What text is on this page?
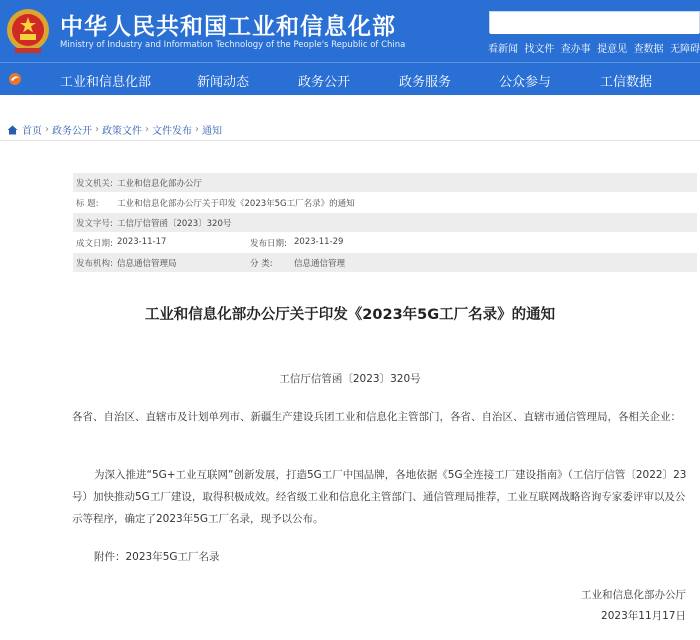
中华人民共和国工业和信息化部
Ministry of Industry and Information Technology of the People's Republic of China	看新闻 找文件 查办事 提意见 查数据 无障碍
工业和信息化部	新闻动态	政务公开	政务服务	公众参与	工信数据
首页 › 政务公开 › 政策文件 › 文件发布 › 通知
发文机关: 工业和信息化部办公厅
标 题: 工业和信息化部办公厅关于印发《2023年5G工厂名录》的通知
发文字号: 工信厅信管函〔2023〕320号
成文日期: 2023-11-17	发布日期: 2023-11-29
发布机构: 信息通信管理局	分 类:	信息通信管理
工业和信息化部办公厅关于印发《2023年5G工厂名录》的通知
工信厅信管函〔2023〕320号
各省、自治区、直辖市及计划单列市、新疆生产建设兵团工业和信息化主管部门，各省、自治区、直辖市通信管理局，各相关企业：
为深入推进“5G+工业互联网”创新发展，打造5G工厂中国品牌，各地依据《5G全连接工厂建设指南》（工信厅信管〔2022〕23号）加快推动5G工厂建设，取得积极成效。经省级工业和信息化主管部门、通信管理局推荐，工业互联网战略咨询专家委评审以及公示等程序，确定了2023年5G工厂名录，现予以公布。
附件：2023年5G工厂名录
工业和信息化部办公厅
2023年11月17日
